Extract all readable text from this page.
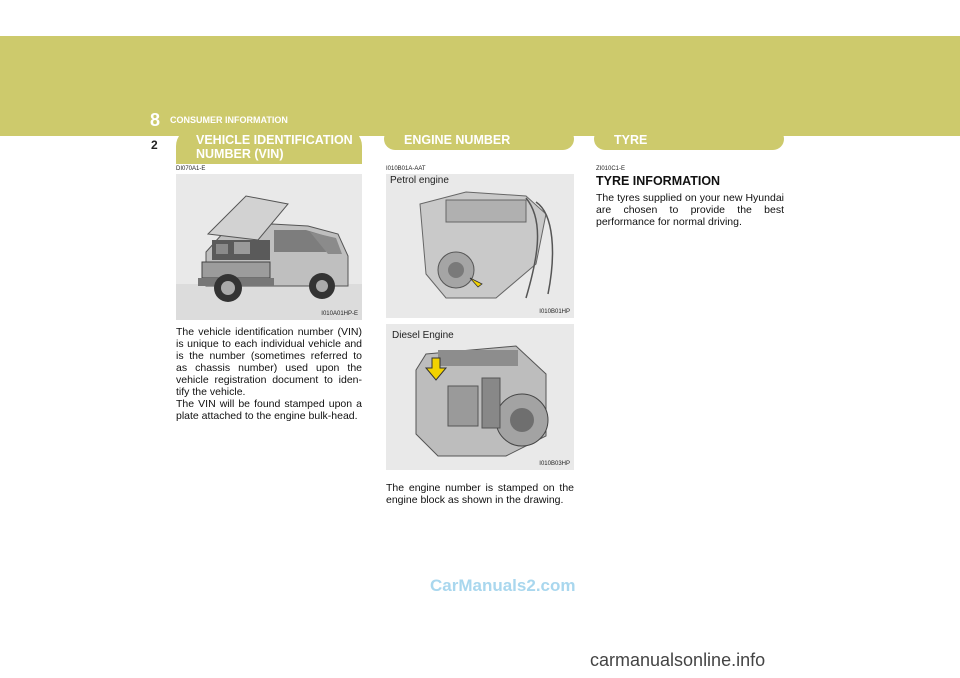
8 CONSUMER INFORMATION
2	VEHICLE IDENTIFICATION NUMBER (VIN)
DI070A1-E
I010A01HP-E

The vehicle identification number (VIN) is unique to each individual vehicle and is the number (sometimes referred to as chassis number) used upon the vehicle registration document to iden-tify the vehicle.

The VIN will be found stamped upon a plate attached to the engine bulk-head.

ENGINE NUMBER
I010B01A-AAT
Petrol engine
I010B01HP
Diesel Engine
I010B03HP

The engine number is stamped on the engine block as shown in the drawing.

TYRE
ZI010C1-E
TYRE INFORMATION

The tyres supplied on your new Hyundai are chosen to provide the best performance for normal driving.

CarManuals2.com
carmanualsonline.info
